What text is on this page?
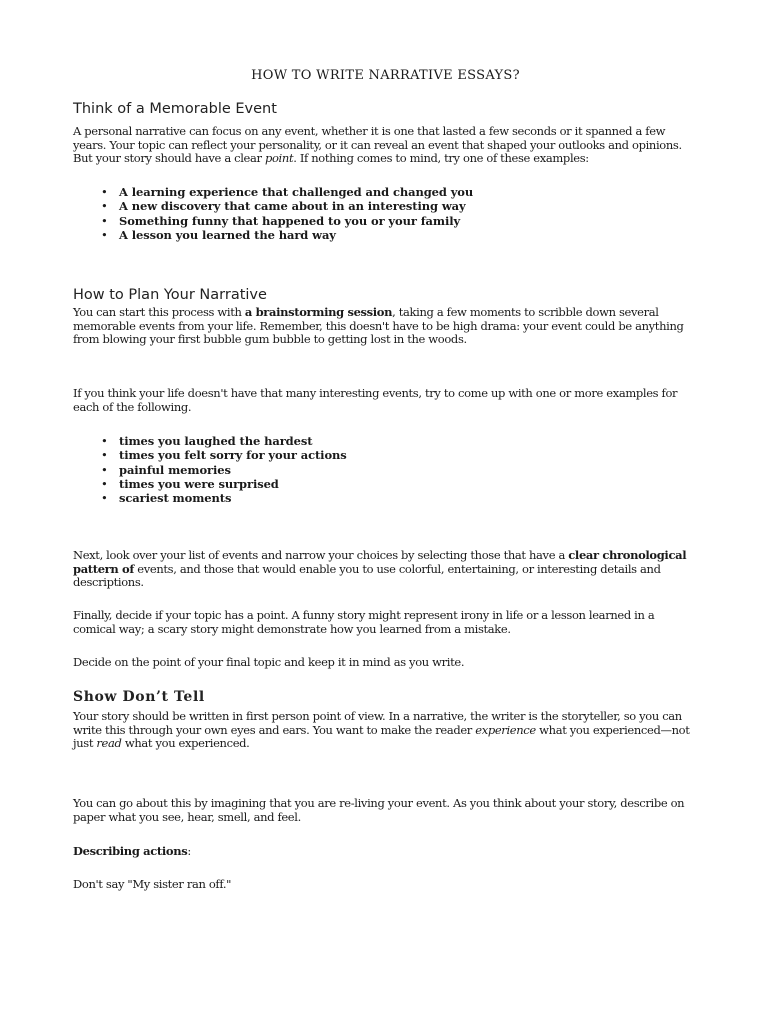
HOW TO WRITE NARRATIVE ESSAYS?
Think of a Memorable Event

A personal narrative can focus on any event, whether it is one that lasted a few seconds or it spanned a few years. Your topic can reflect your personality, or it can reveal an event that shaped your outlooks and opinions. But your story should have a clear point. If nothing comes to mind, try one of these examples:

• A learning experience that challenged and changed you
• A new discovery that came about in an interesting way
• Something funny that happened to you or your family
• A lesson you learned the hard way
How to Plan Your Narrative

You can start this process with a brainstorming session, taking a few moments to scribble down several memorable events from your life. Remember, this doesn't have to be high drama: your event could be anything from blowing your first bubble gum bubble to getting lost in the woods.

If you think your life doesn't have that many interesting events, try to come up with one or more examples for each of the following.

• times you laughed the hardest
• times you felt sorry for your actions
• painful memories
• times you were surprised
• scariest moments

Next, look over your list of events and narrow your choices by selecting those that have a clear chronological pattern of events, and those that would enable you to use colorful, entertaining, or interesting details and descriptions.

Finally, decide if your topic has a point. A funny story might represent irony in life or a lesson learned in a comical way; a scary story might demonstrate how you learned from a mistake.

Decide on the point of your final topic and keep it in mind as you write.

Show Don’t Tell

Your story should be written in first person point of view. In a narrative, the writer is the storyteller, so you can write this through your own eyes and ears. You want to make the reader experience what you experienced—not just read what you experienced.

You can go about this by imagining that you are re-living your event. As you think about your story, describe on paper what you see, hear, smell, and feel.

Describing actions:

Don't say "My sister ran off."
